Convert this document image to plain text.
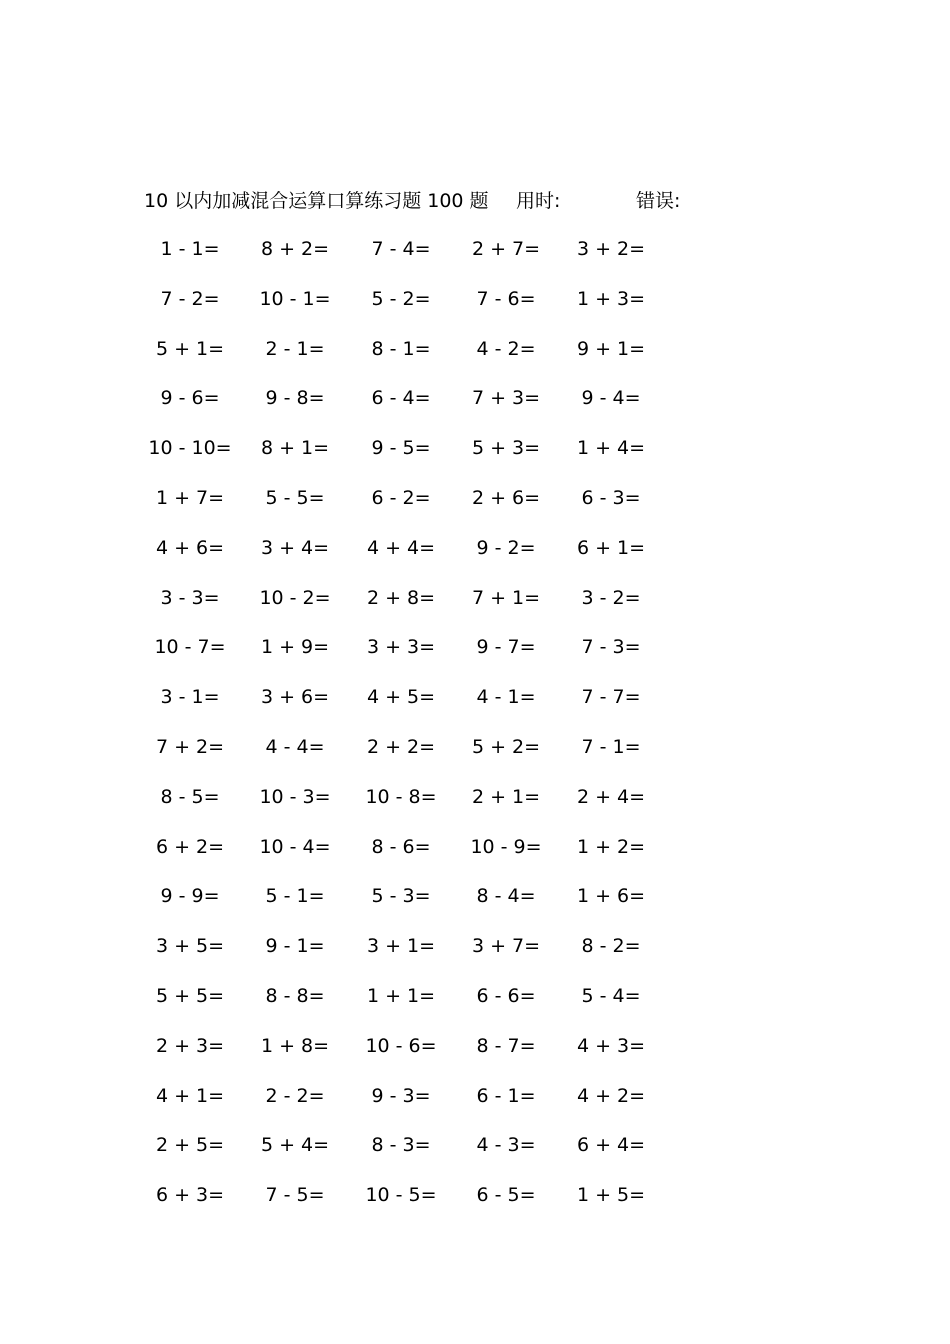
10 以内加减混合运算口算练习题 100 题 用时:	错误:
1 - 1=	8 + 2=	7 - 4=	2 + 7=	3 + 2=
7 - 2=	10 - 1=	5 - 2=	7 - 6=	1 + 3=
5 + 1=	2 - 1=	8 - 1=	4 - 2=	9 + 1=
9 - 6=	9 - 8=	6 - 4=	7 + 3=	9 - 4=
10 - 10=	8 + 1=	9 - 5=	5 + 3=	1 + 4=
1 + 7=	5 - 5=	6 - 2=	2 + 6=	6 - 3=
4 + 6=	3 + 4=	4 + 4=	9 - 2=	6 + 1=
3 - 3=	10 - 2=	2 + 8=	7 + 1=	3 - 2=
10 - 7=	1 + 9=	3 + 3=	9 - 7=	7 - 3=
3 - 1=	3 + 6=	4 + 5=	4 - 1=	7 - 7=
7 + 2=	4 - 4=	2 + 2=	5 + 2=	7 - 1=
8 - 5=	10 - 3=	10 - 8=	2 + 1=	2 + 4=
6 + 2=	10 - 4=	8 - 6=	10 - 9=	1 + 2=
9 - 9=	5 - 1=	5 - 3=	8 - 4=	1 + 6=
3 + 5=	9 - 1=	3 + 1=	3 + 7=	8 - 2=
5 + 5=	8 - 8=	1 + 1=	6 - 6=	5 - 4=
2 + 3=	1 + 8=	10 - 6=	8 - 7=	4 + 3=
4 + 1=	2 - 2=	9 - 3=	6 - 1=	4 + 2=
2 + 5=	5 + 4=	8 - 3=	4 - 3=	6 + 4=
6 + 3=	7 - 5=	10 - 5=	6 - 5=	1 + 5=
